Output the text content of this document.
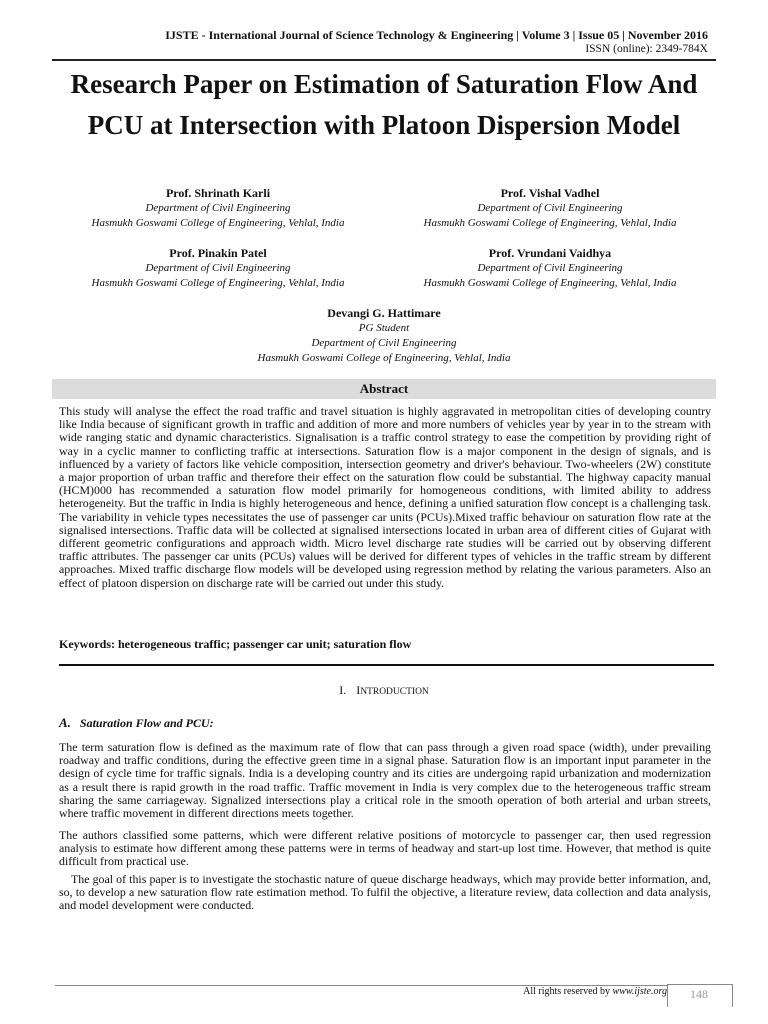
IJSTE - International Journal of Science Technology & Engineering | Volume 3 | Issue 05 | November 2016
ISSN (online): 2349-784X
Research Paper on Estimation of Saturation Flow And PCU at Intersection with Platoon Dispersion Model
Prof. Shrinath Karli
Department of Civil Engineering
Hasmukh Goswami College of Engineering, Vehlal, India
Prof. Vishal Vadhel
Department of Civil Engineering
Hasmukh Goswami College of Engineering, Vehlal, India
Prof. Pinakin Patel
Department of Civil Engineering
Hasmukh Goswami College of Engineering, Vehlal, India
Prof. Vrundani Vaidhya
Department of Civil Engineering
Hasmukh Goswami College of Engineering, Vehlal, India
Devangi G. Hattimare
PG Student
Department of Civil Engineering
Hasmukh Goswami College of Engineering, Vehlal, India
Abstract

This study will analyse the effect the road traffic and travel situation is highly aggravated in metropolitan cities of developing country like India because of significant growth in traffic and addition of more and more numbers of vehicles year by year in to the stream with wide ranging static and dynamic characteristics. Signalisation is a traffic control strategy to ease the competition by providing right of way in a cyclic manner to conflicting traffic at intersections. Saturation flow is a major component in the design of signals, and is influenced by a variety of factors like vehicle composition, intersection geometry and driver's behaviour. Two-wheelers (2W) constitute a major proportion of urban traffic and therefore their effect on the saturation flow could be substantial. The highway capacity manual (HCM)000 has recommended a saturation flow model primarily for homogeneous conditions, with limited ability to address heterogeneity. But the traffic in India is highly heterogeneous and hence, defining a unified saturation flow concept is a challenging task. The variability in vehicle types necessitates the use of passenger car units (PCUs).Mixed traffic behaviour on saturation flow rate at the signalised intersections. Traffic data will be collected at signalised intersections located in urban area of different cities of Gujarat with different geometric configurations and approach width. Micro level discharge rate studies will be carried out by observing different traffic attributes. The passenger car units (PCUs) values will be derived for different types of vehicles in the traffic stream by different approaches. Mixed traffic discharge flow models will be developed using regression method by relating the various parameters. Also an effect of platoon dispersion on discharge rate will be carried out under this study.

Keywords: heterogeneous traffic; passenger car unit; saturation flow
I. INTRODUCTION
A. Saturation Flow and PCU:

The term saturation flow is defined as the maximum rate of flow that can pass through a given road space (width), under prevailing roadway and traffic conditions, during the effective green time in a signal phase. Saturation flow is an important input parameter in the design of cycle time for traffic signals. India is a developing country and its cities are undergoing rapid urbanization and modernization as a result there is rapid growth in the road traffic. Traffic movement in India is very complex due to the heterogeneous traffic stream sharing the same carriageway. Signalized intersections play a critical role in the smooth operation of both arterial and urban streets, where traffic movement in different directions meets together.

The authors classified some patterns, which were different relative positions of motorcycle to passenger car, then used regression analysis to estimate how different among these patterns were in terms of headway and start-up lost time. However, that method is quite difficult from practical use.

The goal of this paper is to investigate the stochastic nature of queue discharge headways, which may provide better information, and, so, to develop a new saturation flow rate estimation method. To fulfil the objective, a literature review, data collection and data analysis, and model development were conducted.

All rights reserved by www.ijste.org	148
